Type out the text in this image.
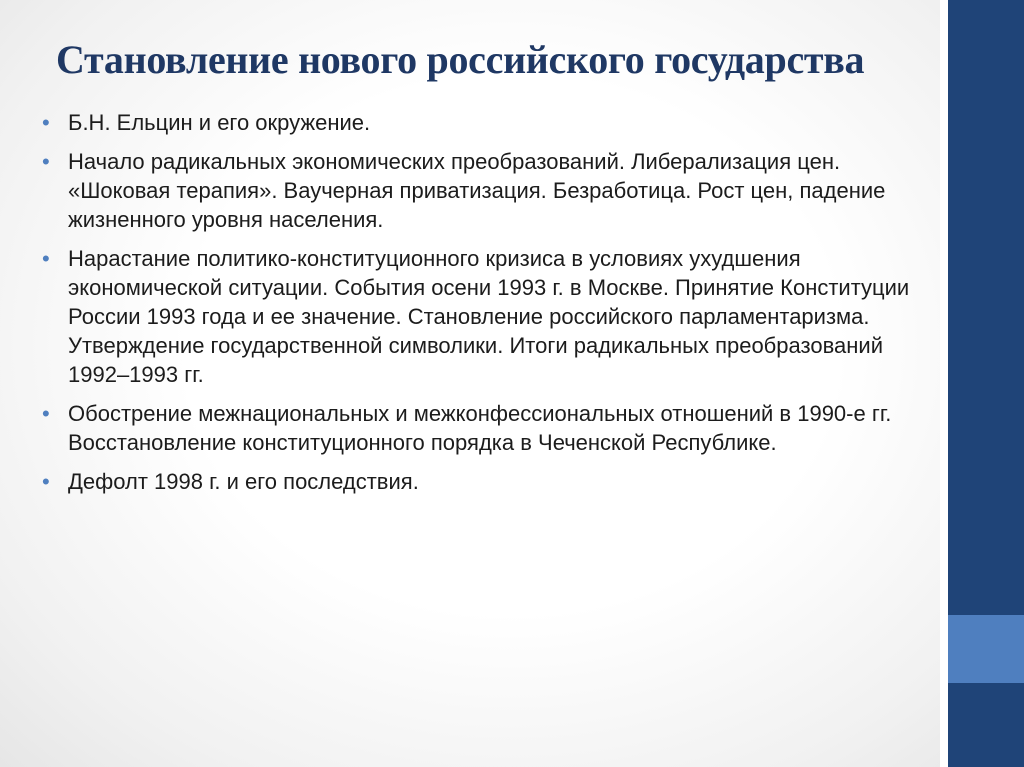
Становление нового российского государства
• Б.Н. Ельцин и его окружение.
• Начало радикальных экономических преобразований. Либерализация цен. «Шоковая терапия». Ваучерная приватизация. Безработица. Рост цен, падение жизненного уровня населения.
• Нарастание политико-конституционного кризиса в условиях ухудшения экономической ситуации. События осени 1993 г. в Москве. Принятие Конституции России 1993 года и ее значение. Становление российского парламентаризма. Утверждение государственной символики. Итоги радикальных преобразований 1992–1993 гг.
• Обострение межнациональных и межконфессиональных отношений в 1990-е гг. Восстановление конституционного порядка в Чеченской Республике.
• Дефолт 1998 г. и его последствия.
